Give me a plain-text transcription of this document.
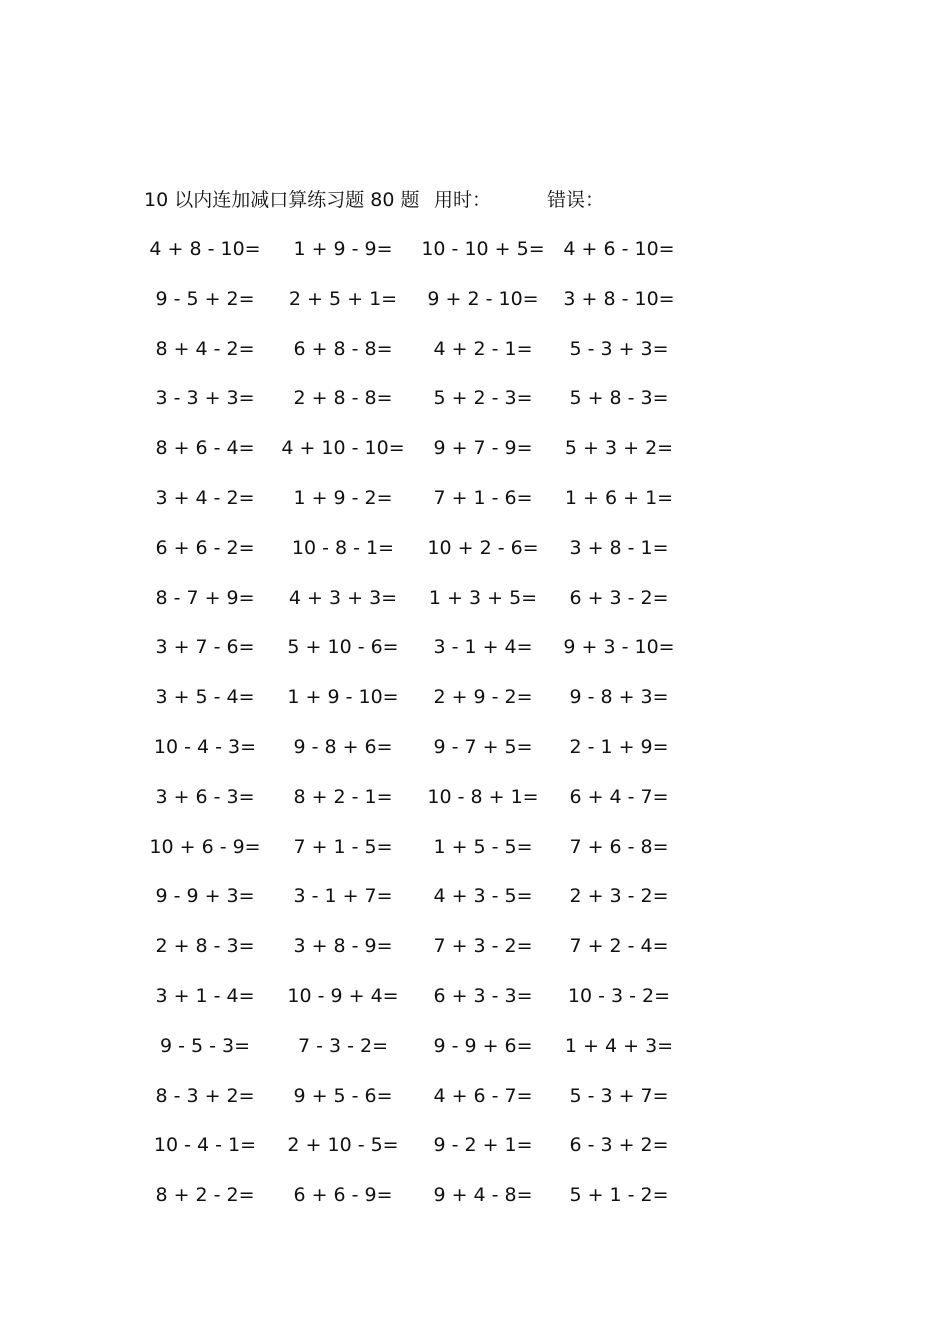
10 以内连加减口算练习题 80 题 用时：	错误：
4 + 8 - 10=	1 + 9 - 9=	10 - 10 + 5= 4 + 6 - 10=
9 - 5 + 2=	2 + 5 + 1=	9 + 2 - 10=	3 + 8 - 10=
8 + 4 - 2=	6 + 8 - 8=	4 + 2 - 1=	5 - 3 + 3=
3 - 3 + 3=	2 + 8 - 8=	5 + 2 - 3=	5 + 8 - 3=
8 + 6 - 4=	4 + 10 - 10=	9 + 7 - 9=	5 + 3 + 2=
3 + 4 - 2=	1 + 9 - 2=	7 + 1 - 6=	1 + 6 + 1=
6 + 6 - 2=	10 - 8 - 1=	10 + 2 - 6=	3 + 8 - 1=
8 - 7 + 9=	4 + 3 + 3=	1 + 3 + 5=	6 + 3 - 2=
3 + 7 - 6=	5 + 10 - 6=	3 - 1 + 4=	9 + 3 - 10=
3 + 5 - 4=	1 + 9 - 10=	2 + 9 - 2=	9 - 8 + 3=
10 - 4 - 3=	9 - 8 + 6=	9 - 7 + 5=	2 - 1 + 9=
3 + 6 - 3=	8 + 2 - 1=	10 - 8 + 1=	6 + 4 - 7=
10 + 6 - 9=	7 + 1 - 5=	1 + 5 - 5=	7 + 6 - 8=
9 - 9 + 3=	3 - 1 + 7=	4 + 3 - 5=	2 + 3 - 2=
2 + 8 - 3=	3 + 8 - 9=	7 + 3 - 2=	7 + 2 - 4=
3 + 1 - 4=	10 - 9 + 4=	6 + 3 - 3=	10 - 3 - 2=
9 - 5 - 3=	7 - 3 - 2=	9 - 9 + 6=	1 + 4 + 3=
8 - 3 + 2=	9 + 5 - 6=	4 + 6 - 7=	5 - 3 + 7=
10 - 4 - 1=	2 + 10 - 5=	9 - 2 + 1=	6 - 3 + 2=
8 + 2 - 2=	6 + 6 - 9=	9 + 4 - 8=	5 + 1 - 2=
